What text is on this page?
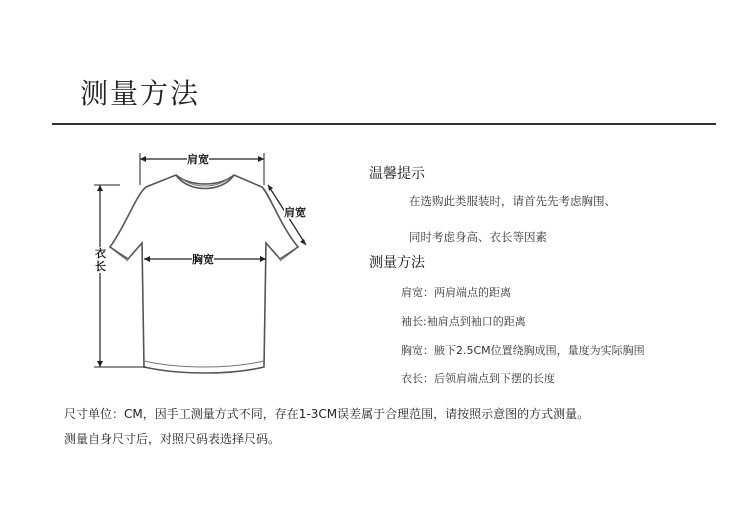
测量方法
肩宽
肩宽
胸宽
衣长
温馨提示
在选购此类服装时，请首先先考虑胸围、
同时考虑身高、衣长等因素
测量方法
肩宽：两肩端点的距离
袖长:袖肩点到袖口的距离
胸宽：腋下2.5CM位置绕胸成围，量度为实际胸围
衣长：后领肩端点到下摆的长度
尺寸单位：CM，因手工测量方式不同，存在1-3CM误差属于合理范围，请按照示意图的方式测量。
测量自身尺寸后，对照尺码表选择尺码。
